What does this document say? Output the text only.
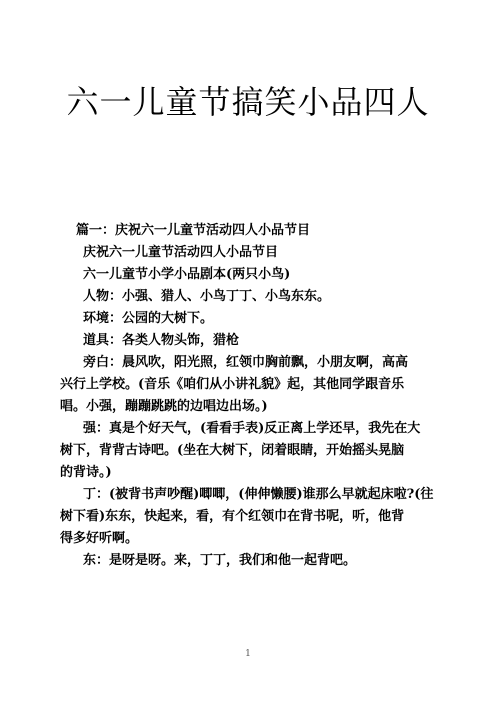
六一儿童节搞笑小品四人
篇一：庆祝六一儿童节活动四人小品节目
庆祝六一儿童节活动四人小品节目
六一儿童节小学小品剧本(两只小鸟)
人物：小强、猎人、小鸟丁丁、小鸟东东。
环境：公园的大树下。
道具：各类人物头饰，猎枪
旁白：晨风吹，阳光照，红领巾胸前飘，小朋友啊，高高
兴行上学校。(音乐《咱们从小讲礼貌》起，其他同学跟音乐
唱。小强，蹦蹦跳跳的边唱边出场。)
强：真是个好天气，(看看手表)反正离上学还早，我先在大
树下，背背古诗吧。(坐在大树下，闭着眼睛，开始摇头晃脑
的背诗。)
丁：(被背书声吵醒)唧唧，(伸伸懒腰)谁那么早就起床啦?(往
树下看)东东，快起来，看，有个红领巾在背书呢，听，他背
得多好听啊。
东：是呀是呀。来，丁丁，我们和他一起背吧。
1
